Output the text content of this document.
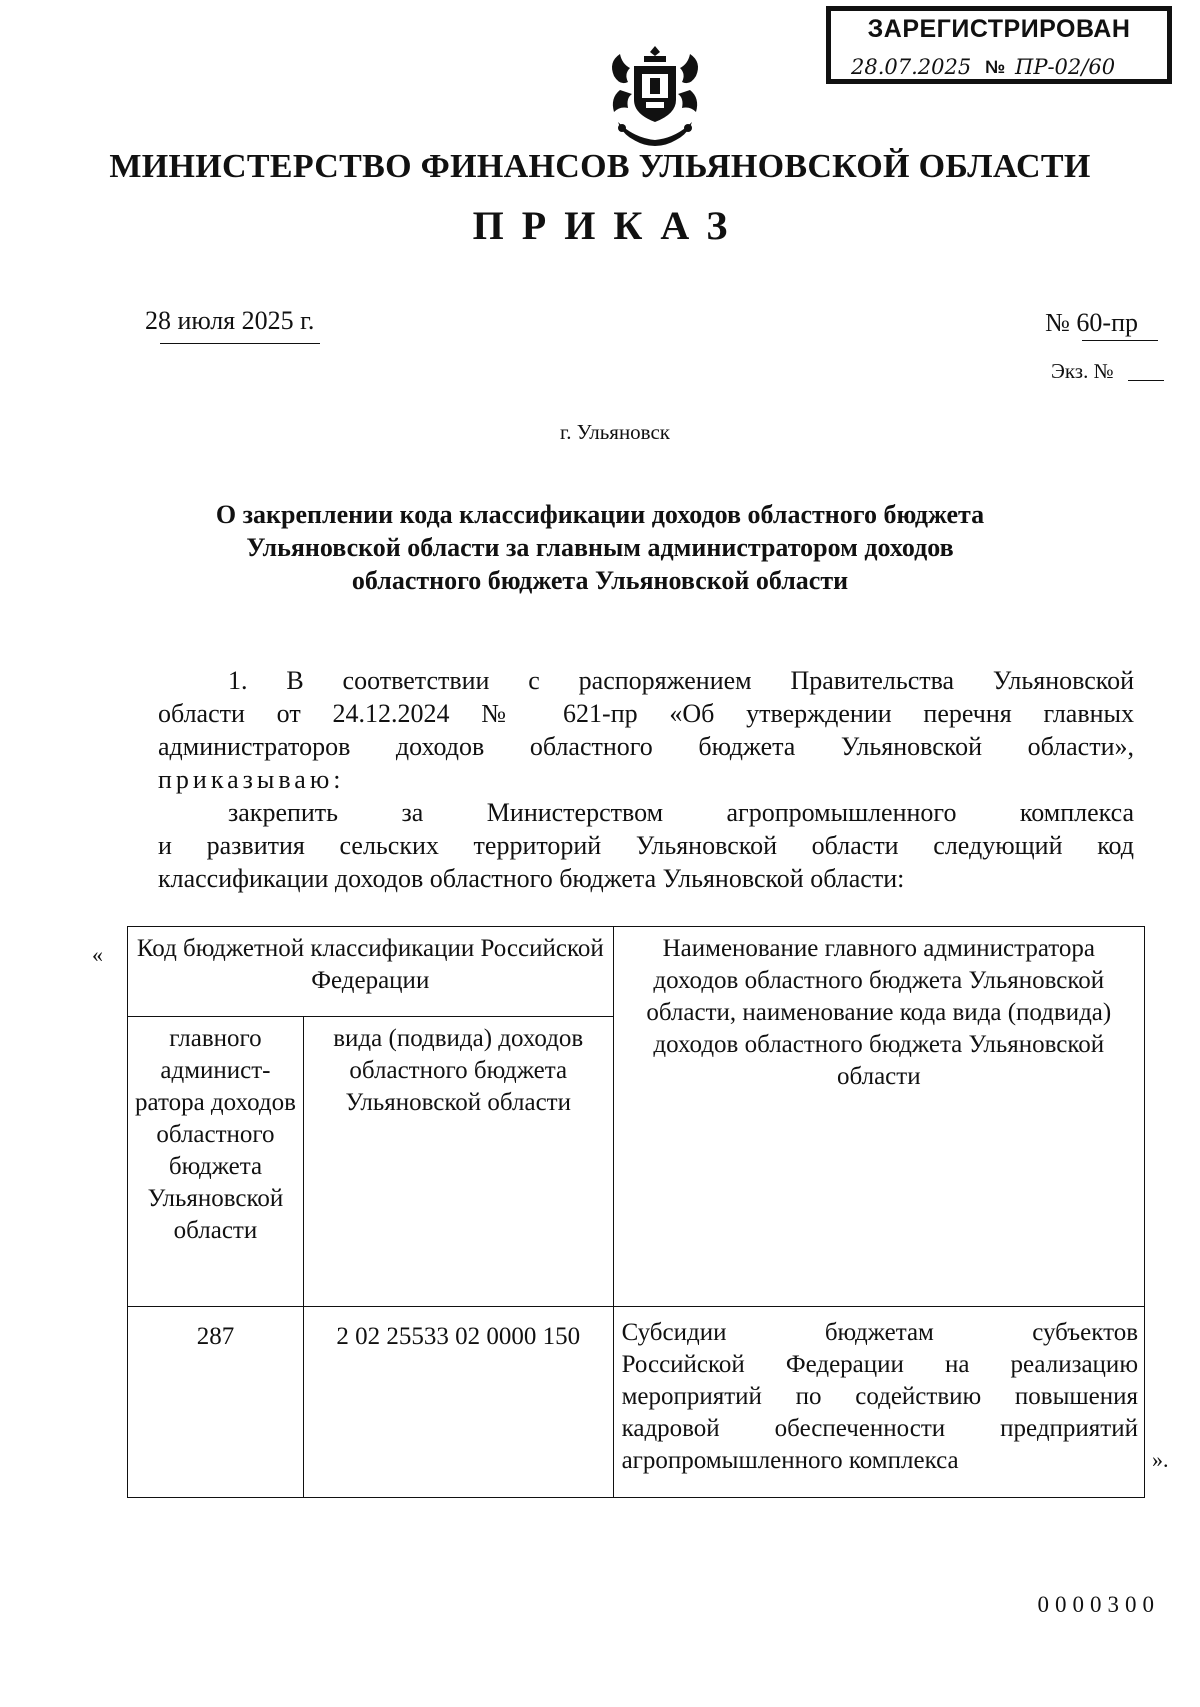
ЗАРЕГИСТРИРОВАН
28.07.2025 № ПР-02/60
МИНИСТЕРСТВО ФИНАНСОВ УЛЬЯНОВСКОЙ ОБЛАСТИ
ПРИКАЗ
28 июля 2025 г.	№ 60-пр
Экз. №
г. Ульяновск
О закреплении кода классификации доходов областного бюджета
Ульяновской области за главным администратором доходов
областного бюджета Ульяновской области
1. В соответствии с распоряжением Правительства Ульяновской
области от 24.12.2024 № 621-пр «Об утверждении перечня главных
администраторов доходов областного бюджета Ульяновской области»,
приказываю:
закрепить за Министерством агропромышленного комплекса
и развития сельских территорий Ульяновской области следующий код
классификации доходов областного бюджета Ульяновской области:
« Код бюджетной классификации Российской Федерации		Наименование главного администратора доходов областного бюджета Ульяновской области, наименование кода вида (подвида) доходов областного бюджета Ульяновской области
главного админист-ратора доходов областного бюджета Ульяновской области	вида (подвида) доходов областного бюджета Ульяновской области	
287	2 02 25533 02 0000 150	Субсидии бюджетам субъектов
Российской Федерации на реализацию
мероприятий по содействию повышения
кадровой обеспеченности предприятий
агропромышленного комплекса	».
0000300
